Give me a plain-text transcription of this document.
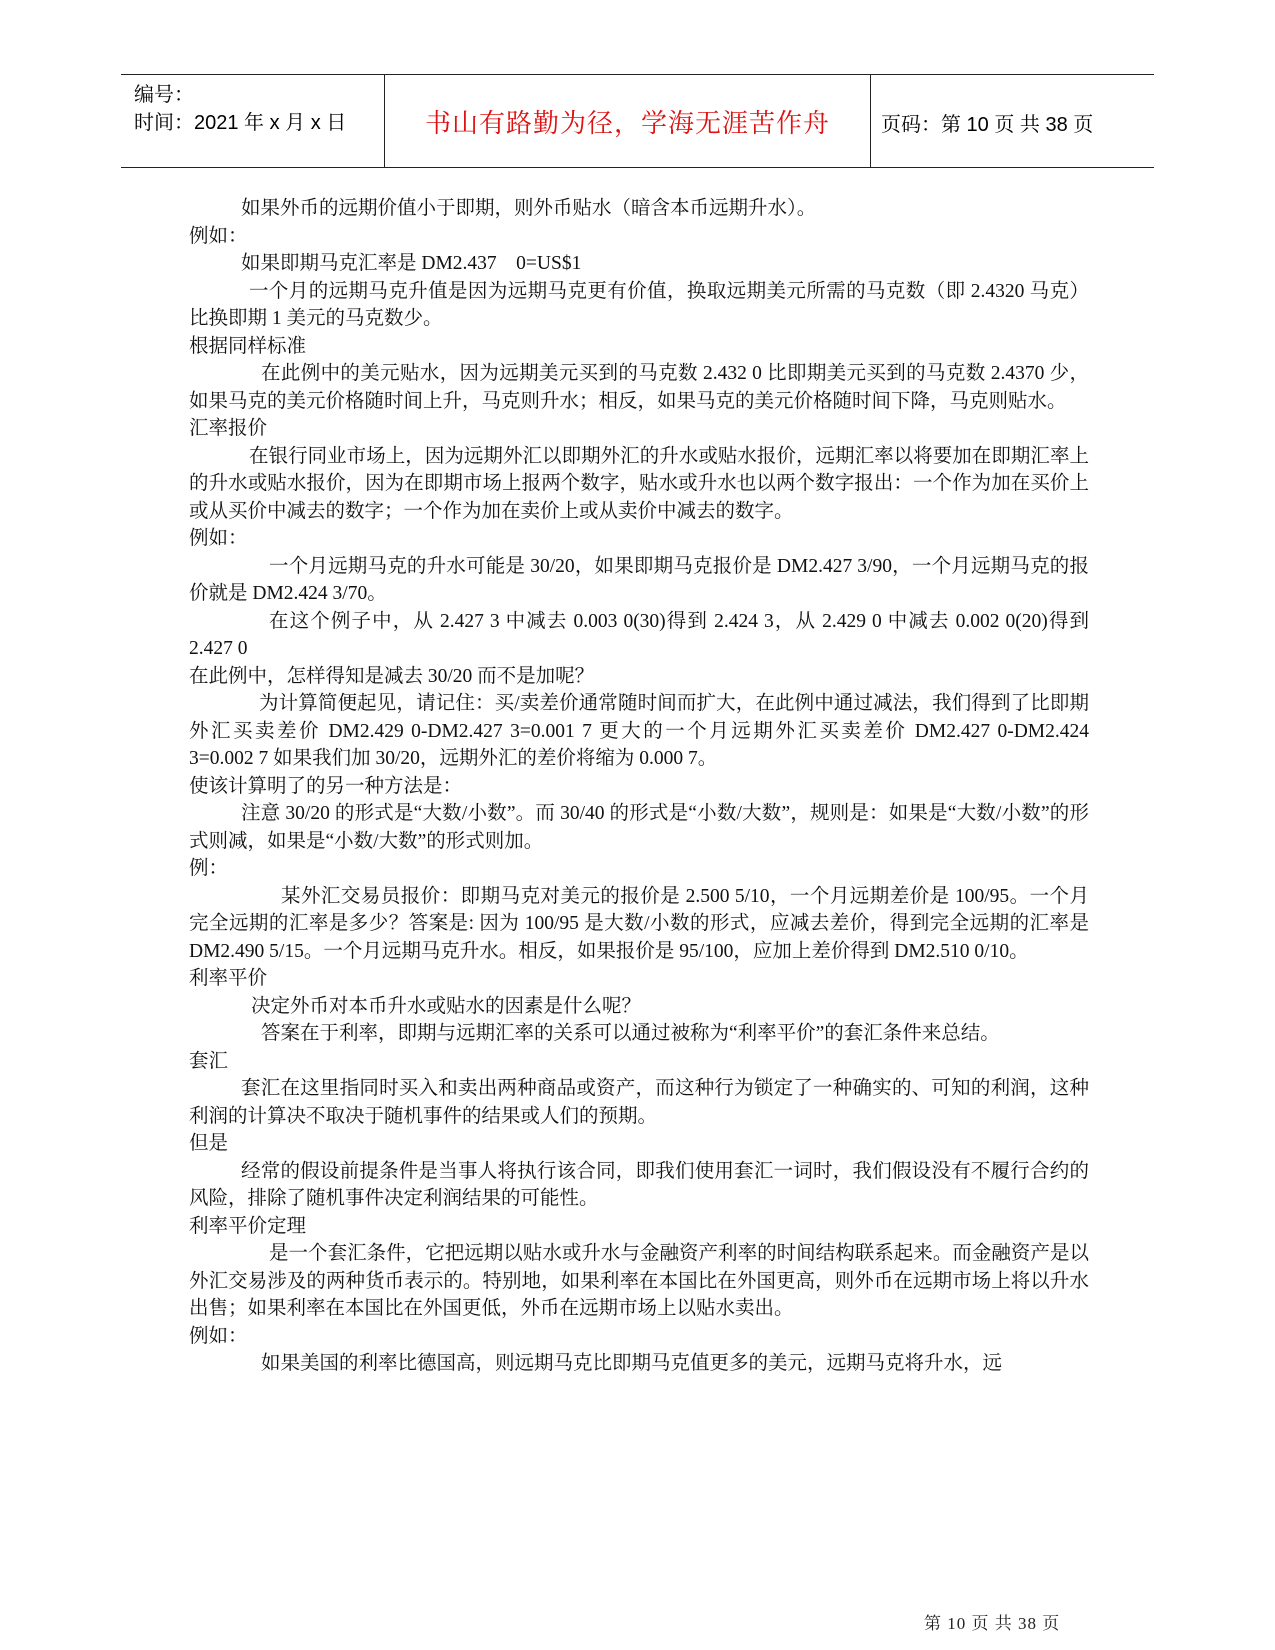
编号：
时间：2021 年 x 月 x 日	书山有路勤为径，学海无涯苦作舟	页码：第 10 页 共 38 页

如果外币的远期价值小于即期，则外币贴水（暗含本币远期升水）。

例如：

如果即期马克汇率是 DM2.437　0=US$1

一个月的远期马克升值是因为远期马克更有价值，换取远期美元所需的马克数（即 2.4320 马克）比换即期 1 美元的马克数少。

根据同样标准

在此例中的美元贴水，因为远期美元买到的马克数 2.432 0 比即期美元买到的马克数 2.4370 少，如果马克的美元价格随时间上升，马克则升水；相反，如果马克的美元价格随时间下降，马克则贴水。

汇率报价

在银行同业市场上，因为远期外汇以即期外汇的升水或贴水报价，远期汇率以将要加在即期汇率上的升水或贴水报价，因为在即期市场上报两个数字，贴水或升水也以两个数字报出：一个作为加在买价上或从买价中减去的数字；一个作为加在卖价上或从卖价中减去的数字。

例如：

一个月远期马克的升水可能是 30/20，如果即期马克报价是 DM2.427 3/90，一个月远期马克的报价就是 DM2.424 3/70。

在这个例子中，从 2.427 3 中减去 0.003 0(30)得到 2.424 3，从 2.429 0 中减去 0.002 0(20)得到 2.427 0

在此例中，怎样得知是减去 30/20 而不是加呢？

为计算简便起见，请记住：买/卖差价通常随时间而扩大，在此例中通过减法，我们得到了比即期外汇买卖差价 DM2.429 0-DM2.427 3=0.001 7 更大的一个月远期外汇买卖差价 DM2.427 0-DM2.424 3=0.002 7 如果我们加 30/20，远期外汇的差价将缩为 0.000 7。

使该计算明了的另一种方法是：

注意 30/20 的形式是“大数/小数”。而 30/40 的形式是“小数/大数”，规则是：如果是“大数/小数”的形式则减，如果是“小数/大数”的形式则加。

例：

某外汇交易员报价：即期马克对美元的报价是 2.500 5/10，一个月远期差价是 100/95。一个月完全远期的汇率是多少？答案是: 因为 100/95 是大数/小数的形式，应减去差价，得到完全远期的汇率是 DM2.490 5/15。一个月远期马克升水。相反，如果报价是 95/100，应加上差价得到 DM2.510 0/10。

利率平价

决定外币对本币升水或贴水的因素是什么呢？

答案在于利率，即期与远期汇率的关系可以通过被称为“利率平价”的套汇条件来总结。

套汇

套汇在这里指同时买入和卖出两种商品或资产，而这种行为锁定了一种确实的、可知的利润，这种利润的计算决不取决于随机事件的结果或人们的预期。

但是

经常的假设前提条件是当事人将执行该合同，即我们使用套汇一词时，我们假设没有不履行合约的风险，排除了随机事件决定利润结果的可能性。

利率平价定理

是一个套汇条件，它把远期以贴水或升水与金融资产利率的时间结构联系起来。而金融资产是以外汇交易涉及的两种货币表示的。特别地，如果利率在本国比在外国更高，则外币在远期市场上将以升水出售；如果利率在本国比在外国更低，外币在远期市场上以贴水卖出。

例如：

如果美国的利率比德国高，则远期马克比即期马克值更多的美元，远期马克将升水，远

第 10 页 共 38 页
